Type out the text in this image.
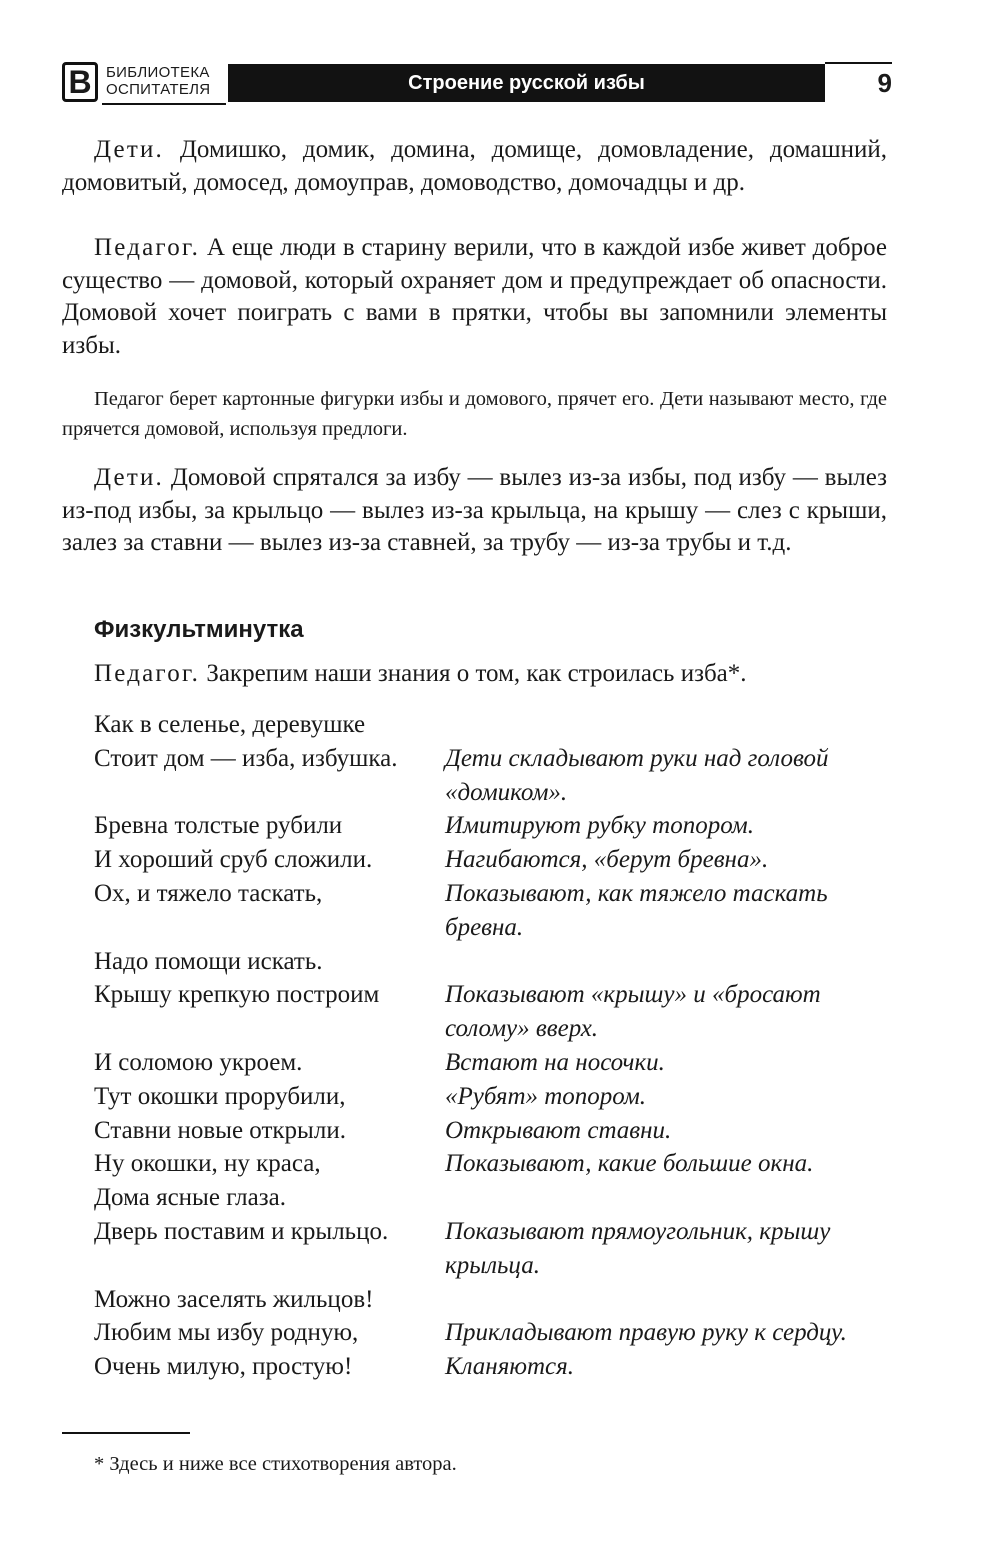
В БИБЛИОТЕКА
ОСПИТАТЕЛЯ	Строение русской избы	9
Дети. Домишко, домик, домина, домище, домовладение, домашний, домовитый, домосед, домоуправ, домоводство, домочадцы и др.
Педагог. А еще люди в старину верили, что в каждой избе живет доброе существо — домовой, который охраняет дом и предупреждает об опасности. Домовой хочет поиграть с вами в прятки, чтобы вы запомнили элементы избы.
Педагог берет картонные фигурки избы и домового, прячет его. Дети называют место, где прячется домовой, используя предлоги.
Дети. Домовой спрятался за избу — вылез из-за избы, под избу — вылез из-под избы, за крыльцо — вылез из-за крыльца, на крышу — слез с крыши, залез за ставни — вылез из-за ставней, за трубу — из-за трубы и т.д.
Физкультминутка
Педагог. Закрепим наши знания о том, как строилась изба*.
Как в селенье, деревушке
Стоит дом — изба, избушка.	Дети складывают руки над головой «домиком».
Бревна толстые рубили	Имитируют рубку топором.
И хороший сруб сложили.	Нагибаются, «берут бревна».
Ох, и тяжело таскать,	Показывают, как тяжело таскать бревна.
Надо помощи искать.
Крышу крепкую построим	Показывают «крышу» и «бросают солому» вверх.
И соломою укроем.	Встают на носочки.
Тут окошки прорубили,	«Рубят» топором.
Ставни новые открыли.	Открывают ставни.
Ну окошки, ну краса,	Показывают, какие большие окна.
Дома ясные глаза.
Дверь поставим и крыльцо.	Показывают прямоугольник, крышу крыльца.
Можно заселять жильцов!
Любим мы избу родную,	Прикладывают правую руку к сердцу.
Очень милую, простую!	Кланяются.
* Здесь и ниже все стихотворения автора.
